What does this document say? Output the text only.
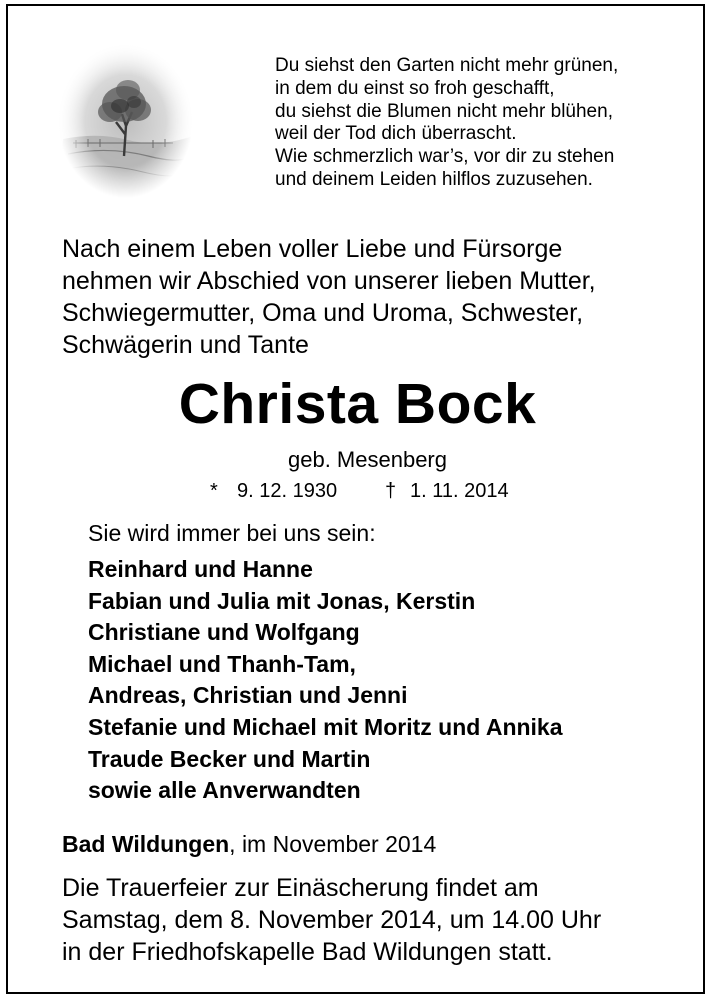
Du siehst den Garten nicht mehr grünen,
in dem du einst so froh geschafft,
du siehst die Blumen nicht mehr blühen,
weil der Tod dich überrascht.
Wie schmerzlich war’s, vor dir zu stehen
und deinem Leiden hilflos zuzusehen.
Nach einem Leben voller Liebe und Fürsorge
nehmen wir Abschied von unserer lieben Mutter,
Schwiegermutter, Oma und Uroma, Schwester,
Schwägerin und Tante
Christa Bock
geb. Mesenberg
* 9. 12. 1930 † 1. 11. 2014
Sie wird immer bei uns sein:
Reinhard und Hanne
Fabian und Julia mit Jonas, Kerstin
Christiane und Wolfgang
Michael und Thanh-Tam,
Andreas, Christian und Jenni
Stefanie und Michael mit Moritz und Annika
Traude Becker und Martin
sowie alle Anverwandten
Bad Wildungen, im November 2014
Die Trauerfeier zur Einäscherung findet am
Samstag, dem 8. November 2014, um 14.00 Uhr
in der Friedhofskapelle Bad Wildungen statt.
